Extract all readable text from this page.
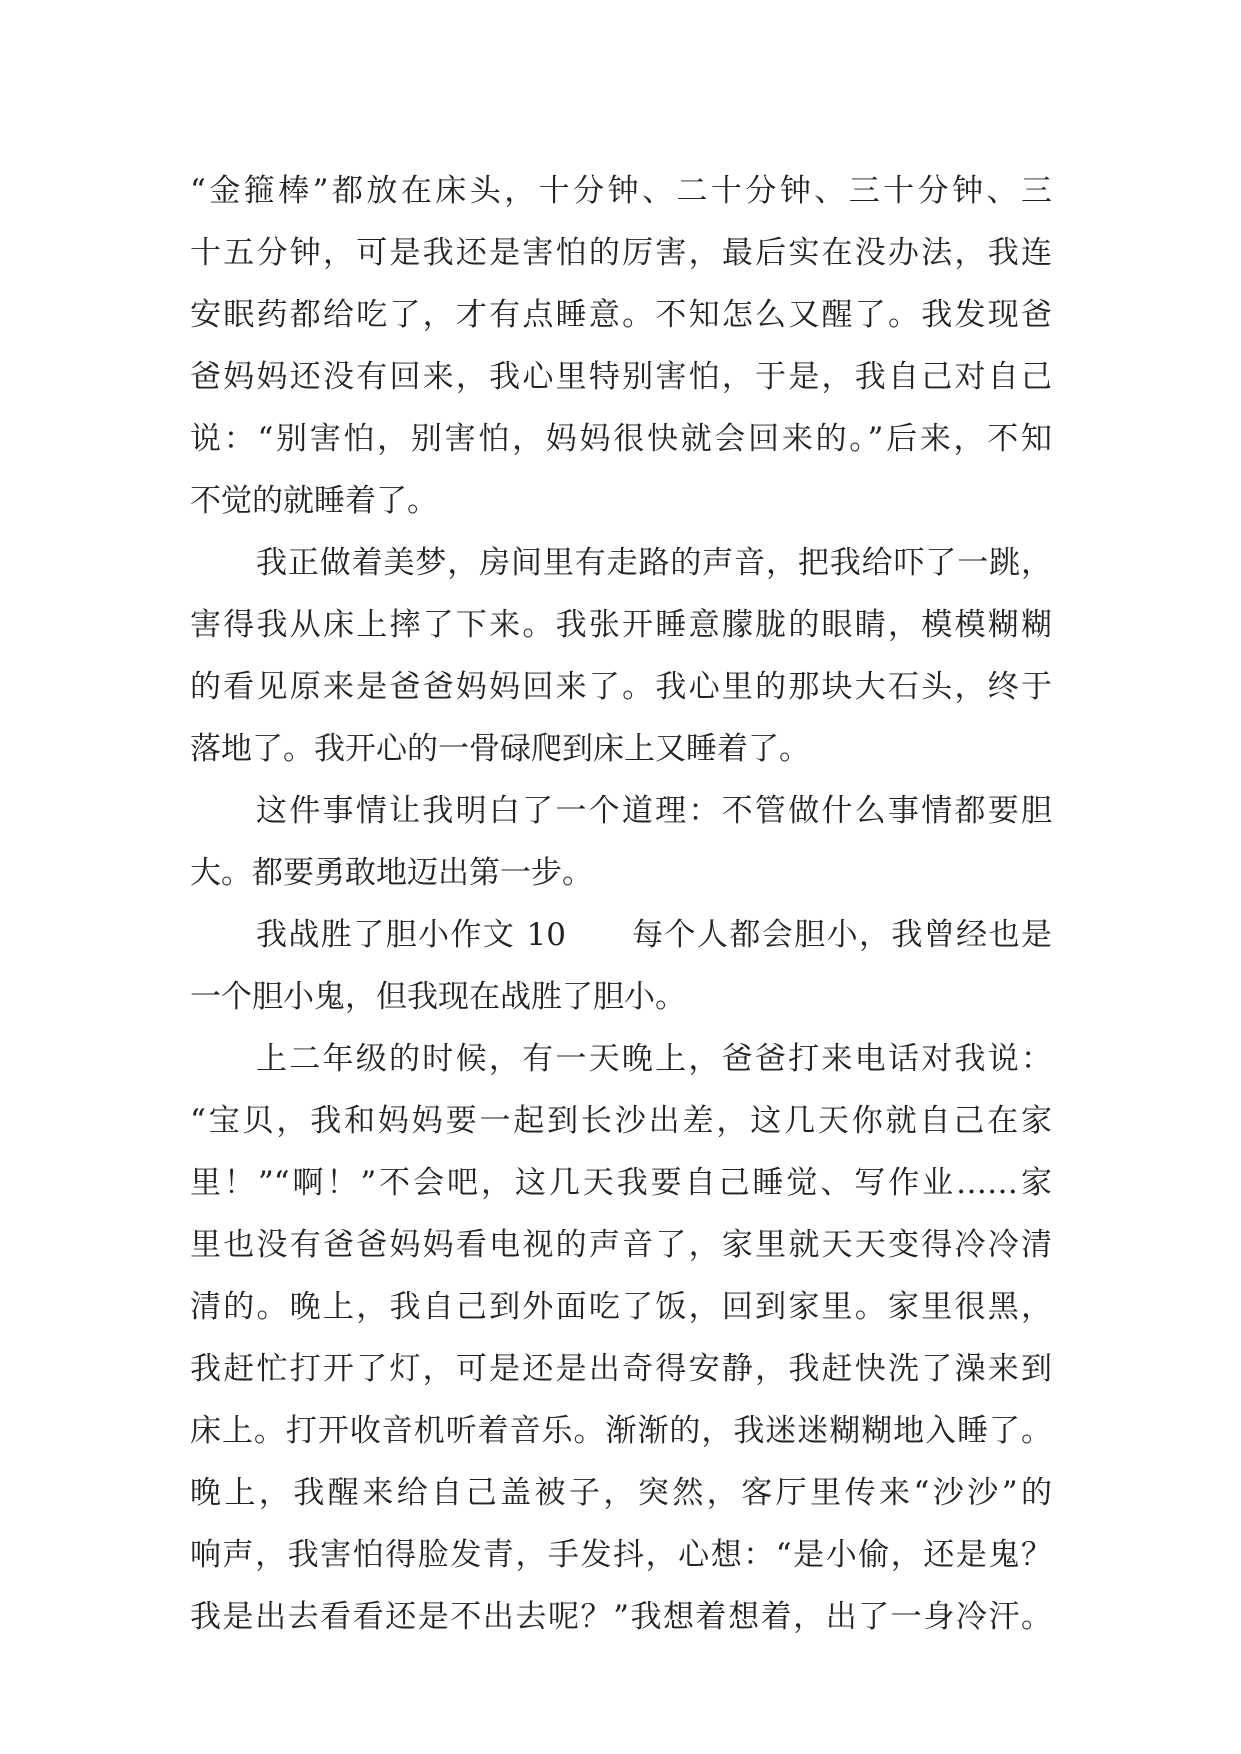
“金箍棒”都放在床头，十分钟、二十分钟、三十分钟、三
十五分钟，可是我还是害怕的厉害，最后实在没办法，我连
安眠药都给吃了，才有点睡意。不知怎么又醒了。我发现爸
爸妈妈还没有回来，我心里特别害怕，于是，我自己对自己
说：“别害怕，别害怕，妈妈很快就会回来的。”后来，不知
不觉的就睡着了。
我正做着美梦，房间里有走路的声音，把我给吓了一跳，
害得我从床上摔了下来。我张开睡意朦胧的眼睛，模模糊糊
的看见原来是爸爸妈妈回来了。我心里的那块大石头，终于
落地了。我开心的一骨碌爬到床上又睡着了。
这件事情让我明白了一个道理：不管做什么事情都要胆
大。都要勇敢地迈出第一步。
我战胜了胆小作文 10　　每个人都会胆小，我曾经也是
一个胆小鬼，但我现在战胜了胆小。
上二年级的时候，有一天晚上，爸爸打来电话对我说：
“宝贝，我和妈妈要一起到长沙出差，这几天你就自己在家
里！”“啊！”不会吧，这几天我要自己睡觉、写作业……家
里也没有爸爸妈妈看电视的声音了，家里就天天变得冷冷清
清的。晚上，我自己到外面吃了饭，回到家里。家里很黑，
我赶忙打开了灯，可是还是出奇得安静，我赶快洗了澡来到
床上。打开收音机听着音乐。渐渐的，我迷迷糊糊地入睡了。
晚上，我醒来给自己盖被子，突然，客厅里传来“沙沙”的
响声，我害怕得脸发青，手发抖，心想：“是小偷，还是鬼？
我是出去看看还是不出去呢？”我想着想着，出了一身冷汗。
